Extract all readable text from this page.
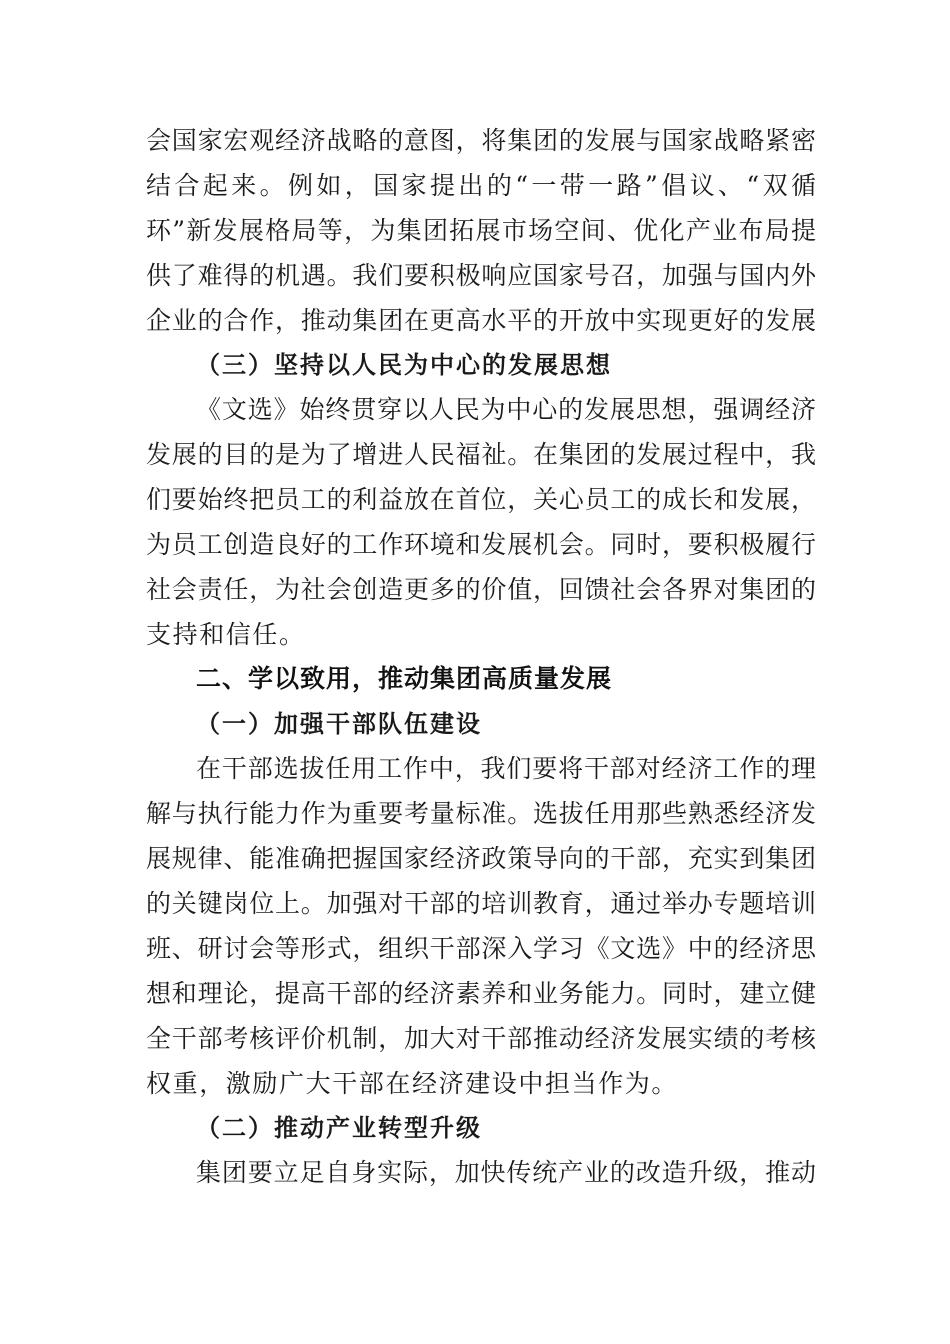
会国家宏观经济战略的意图，将集团的发展与国家战略紧密
结合起来。例如，国家提出的“一带一路”倡议、“双循
环”新发展格局等，为集团拓展市场空间、优化产业布局提
供了难得的机遇。我们要积极响应国家号召，加强与国内外
企业的合作，推动集团在更高水平的开放中实现更好的发展
（三）坚持以人民为中心的发展思想
《文选》始终贯穿以人民为中心的发展思想，强调经济
发展的目的是为了增进人民福祉。在集团的发展过程中，我
们要始终把员工的利益放在首位，关心员工的成长和发展，
为员工创造良好的工作环境和发展机会。同时，要积极履行
社会责任，为社会创造更多的价值，回馈社会各界对集团的
支持和信任。
二、学以致用，推动集团高质量发展
（一）加强干部队伍建设
在干部选拔任用工作中，我们要将干部对经济工作的理
解与执行能力作为重要考量标准。选拔任用那些熟悉经济发
展规律、能准确把握国家经济政策导向的干部，充实到集团
的关键岗位上。加强对干部的培训教育，通过举办专题培训
班、研讨会等形式，组织干部深入学习《文选》中的经济思
想和理论，提高干部的经济素养和业务能力。同时，建立健
全干部考核评价机制，加大对干部推动经济发展实绩的考核
权重，激励广大干部在经济建设中担当作为。
（二）推动产业转型升级
集团要立足自身实际，加快传统产业的改造升级，推动
